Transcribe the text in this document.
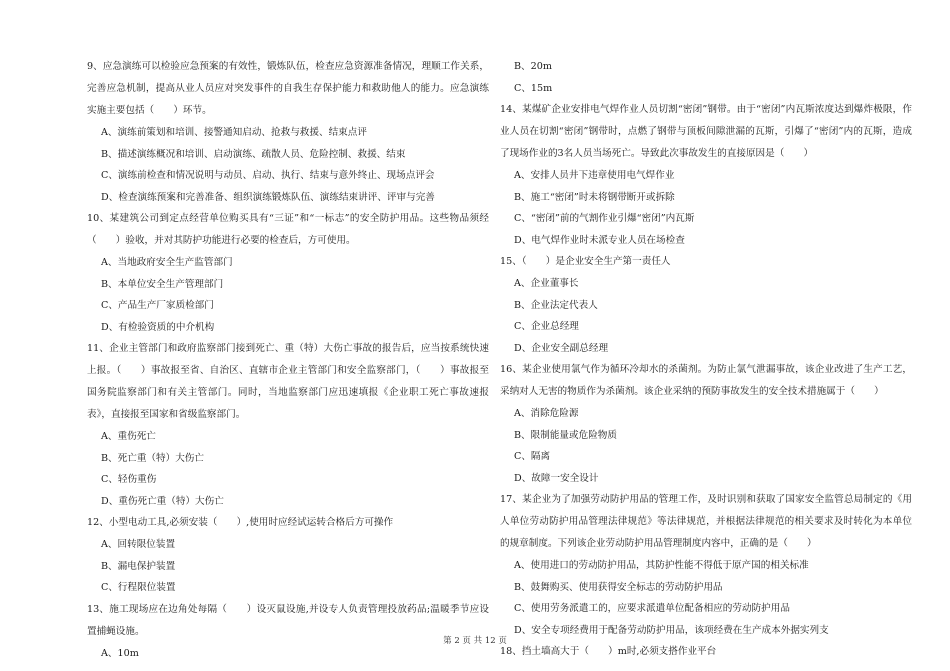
9、应急演练可以检验应急预案的有效性，锻炼队伍，检查应急资源准备情况，理顺工作关系，完善应急机制，提高从业人员应对突发事件的自我生存保护能力和救助他人的能力。应急演练实施主要包括（　　）环节。

A、演练前策划和培训、接警通知启动、抢救与救援、结束点评

B、描述演练概况和培训、启动演练、疏散人员、危险控制、救援、结束

C、演练前检查和情况说明与动员、启动、执行、结束与意外终止、现场点评会

D、检查演练预案和完善准备、组织演练锻炼队伍、演练结束讲评、评审与完善

10、某建筑公司到定点经营单位购买具有“三证”和“一标志”的安全防护用品。这些物品须经（　　）验收，并对其防护功能进行必要的检查后，方可使用。

A、当地政府安全生产监管部门

B、本单位安全生产管理部门

C、产品生产厂家质检部门

D、有检验资质的中介机构

11、企业主管部门和政府监察部门接到死亡、重（特）大伤亡事故的报告后，应当按系统快速上报。（　　）事故报至省、自治区、直辖市企业主管部门和安全监察部门，（　　）事故报至国务院监察部门和有关主管部门。同时，当地监察部门应迅速填报《企业职工死亡事故速报表》，直接报至国家和省级监察部门。

A、重伤死亡

B、死亡重（特）大伤亡

C、轻伤重伤

D、重伤死亡重（特）大伤亡

12、小型电动工具,必须安装（　　）,使用时应经试运转合格后方可操作

A、回转限位装置

B、漏电保护装置

C、行程限位装置

13、施工现场应在边角处每隔（　　）设灭鼠设施,并设专人负责管理投放药品;温暖季节应设置捕蝇设施。

A、10m

B、20m

C、15m

14、某煤矿企业安排电气焊作业人员切割“密闭”钢带。由于“密闭”内瓦斯浓度达到爆炸极限，作业人员在切割“密闭”钢带时，点燃了钢带与顶板间隙泄漏的瓦斯，引爆了“密闭”内的瓦斯，造成了现场作业的3名人员当场死亡。导致此次事故发生的直接原因是（　　）

A、安排人员井下违章使用电气焊作业

B、施工“密闭”时未将钢带断开或拆除

C、“密闭”前的气割作业引爆“密闭”内瓦斯

D、电气焊作业时未派专业人员在场检查

15、（　　）是企业安全生产第一责任人

A、企业董事长

B、企业法定代表人

C、企业总经理

D、企业安全副总经理

16、某企业使用氯气作为循环冷却水的杀菌剂。为防止氯气泄漏事故，该企业改进了生产工艺，采纳对人无害的物质作为杀菌剂。该企业采纳的预防事故发生的安全技术措施属于（　　）

A、消除危险源

B、限制能量或危险物质

C、隔离

D、故障一安全设计

17、某企业为了加强劳动防护用品的管理工作，及时识别和获取了国家安全监管总局制定的《用人单位劳动防护用品管理法律规范》等法律规范，并根据法律规范的相关要求及时转化为本单位的规章制度。下列该企业劳动防护用品管理制度内容中，正确的是（　　）

A、使用进口的劳动防护用品，其防护性能不得低于原产国的相关标准

B、鼓舞购买、使用获得安全标志的劳动防护用品

C、使用劳务派遣工的，应要求派遣单位配备相应的劳动防护用品

D、安全专项经费用于配备劳动防护用品，该项经费在生产成本外据实列支

18、挡土墙高大于（　　）m时,必须支搭作业平台

第 2 页 共 12 页
